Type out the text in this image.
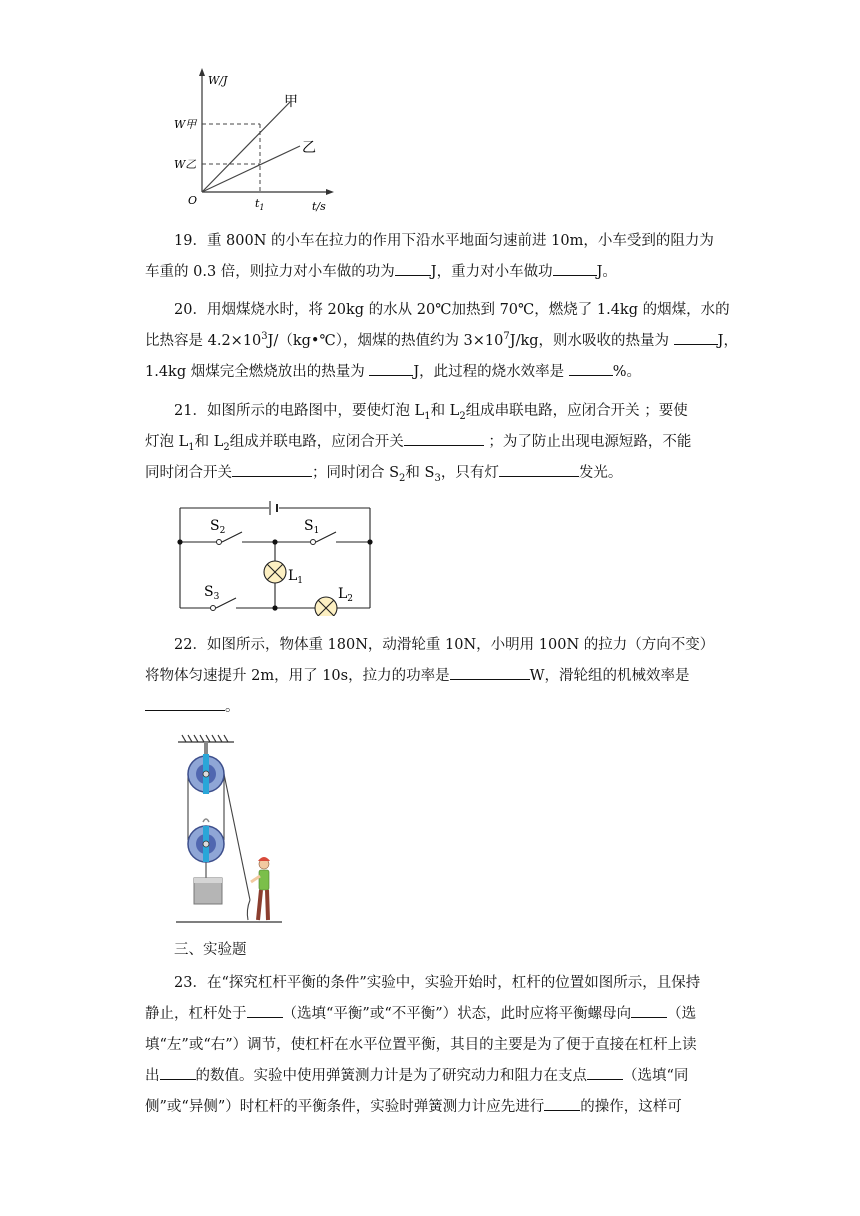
W/J
t/s
O	$t_1$
W甲
W乙
甲
乙
19．重 800N 的小车在拉力的作用下沿水平地面匀速前进 10m，小车受到的阻力为
车重的 0.3 倍，则拉力对小车做的功为 J，重力对小车做功	J。
20．用烟煤烧水时，将 20kg 的水从 20℃加热到 70℃，燃烧了 1.4kg 的烟煤，水的
比热容是 $4.2\times 10^3J/(kg•℃)$，烟煤的热值约为 $3\times 10^7J/kg$，则水吸收的热量为	J，
1.4kg 烟煤完全燃烧放出的热量为	J，此过程的烧水效率是	%。
21．如图所示的电路图中，要使灯泡 $L_1$和 $L_2$组成串联电路，应闭合开关 ；要使
灯泡 $L_1$和 $L_2$组成并联电路，应闭合开关	；为了防止出现电源短路，不能
同时闭合开关	；同时闭合 $S_2$和 $S_3$，只有灯	发光。
$S_2$	$S_1$
$S_3$
$L_1$
$L_2$
22．如图所示，物体重 180N，动滑轮重 10N，小明用 100N 的拉力（方向不变）
将物体匀速提升 2m，用了 10s，拉力的功率是	W，滑轮组的机械效率是
。
三、实验题
23．在“探究杠杆平衡的条件”实验中，实验开始时，杠杆的位置如图所示，且保持
静止，杠杆处于 （选填“平衡”或“不平衡”）状态，此时应将平衡螺母向 （选
填“左”或“右”）调节，使杠杆在水平位置平衡，其目的主要是为了便于直接在杠杆上读
出 的数值。实验中使用弹簧测力计是为了研究动力和阻力在支点 （选填“同
侧”或“异侧”）时杠杆的平衡条件，实验时弹簧测力计应先进行 的操作，这样可
